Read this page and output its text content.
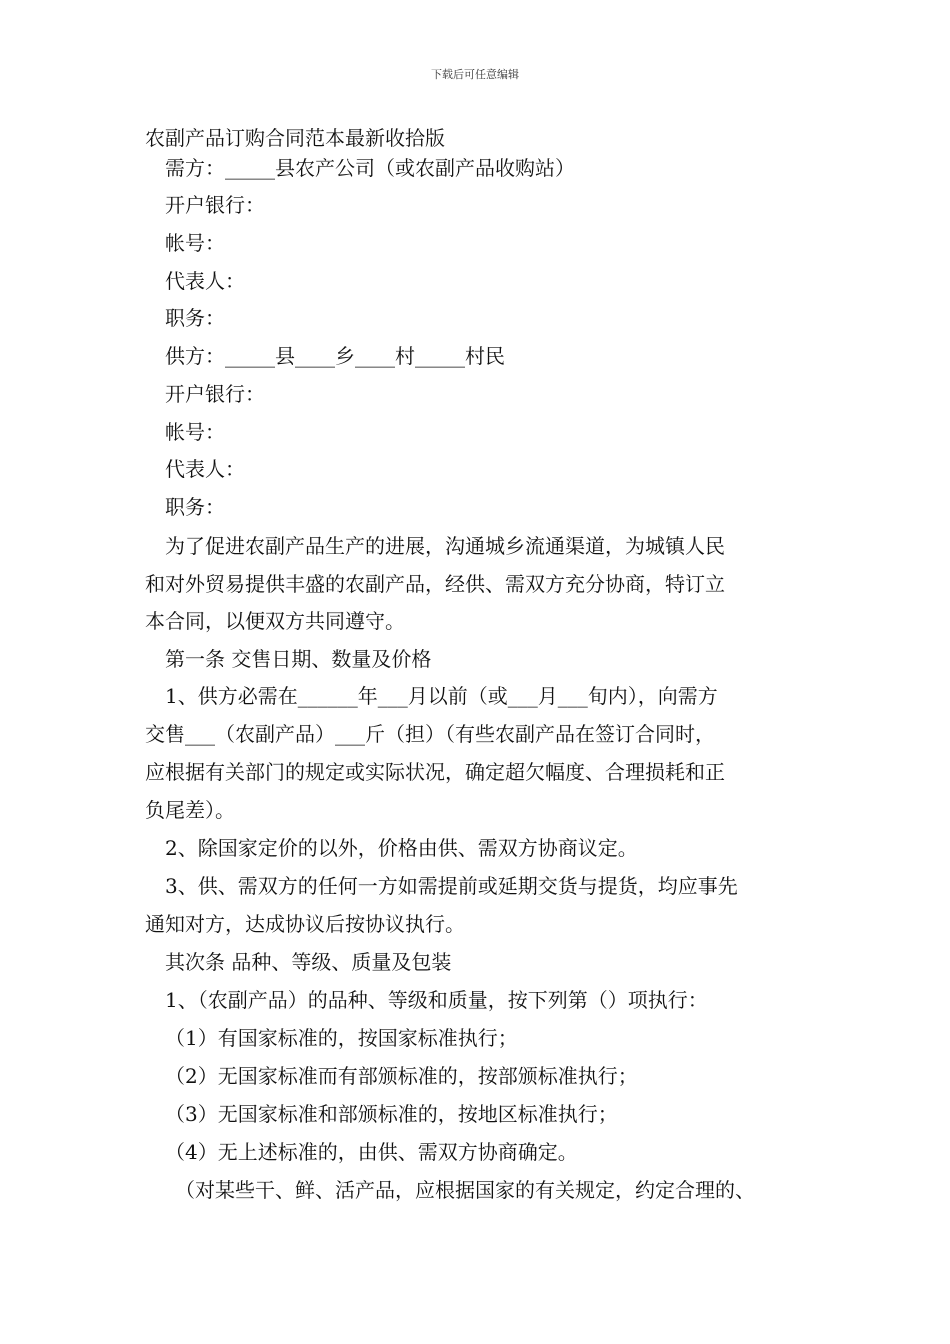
下载后可任意编辑
农副产品订购合同范本最新收拾版
需方：_____县农产公司（或农副产品收购站）
开户银行：
帐号：
代表人：
职务：
供方：_____县____乡____村_____村民
开户银行：
帐号：
代表人：
职务：
为了促进农副产品生产的进展，沟通城乡流通渠道，为城镇人民
和对外贸易提供丰盛的农副产品，经供、需双方充分协商，特订立
本合同，以便双方共同遵守。
第一条 交售日期、数量及价格
1、供方必需在______年___月以前（或___月___旬内），向需方
交售___（农副产品）___斤（担）（有些农副产品在签订合同时，
应根据有关部门的规定或实际状况，确定超欠幅度、合理损耗和正
负尾差）。
2、除国家定价的以外，价格由供、需双方协商议定。
3、供、需双方的任何一方如需提前或延期交货与提货，均应事先
通知对方，达成协议后按协议执行。
其次条 品种、等级、质量及包装
1、（农副产品）的品种、等级和质量，按下列第（）项执行：
（1）有国家标准的，按国家标准执行；
（2）无国家标准而有部颁标准的，按部颁标准执行；
（3）无国家标准和部颁标准的，按地区标准执行；
（4）无上述标准的，由供、需双方协商确定。
（对某些干、鲜、活产品，应根据国家的有关规定，约定合理的、
